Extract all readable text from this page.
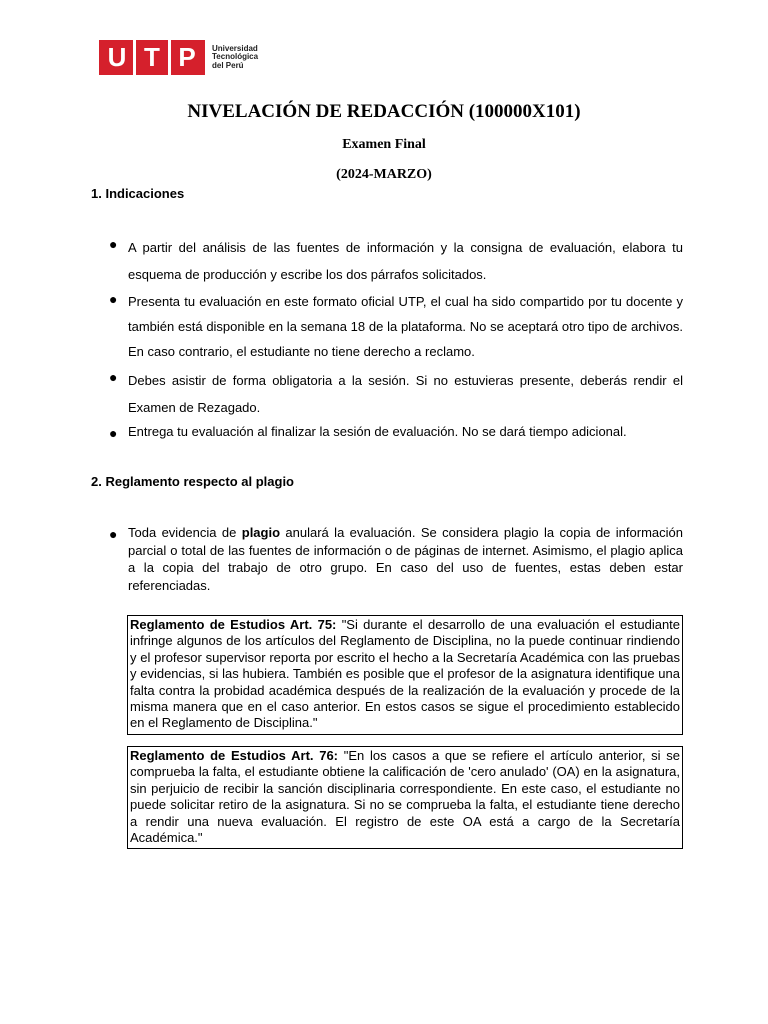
U T P	Universidad
Tecnológica
del Perú
NIVELACIÓN DE REDACCIÓN (100000X101)
Examen Final
(2024-MARZO)
1. Indicaciones
● A partir del análisis de las fuentes de información y la consigna de evaluación, elabora tu esquema de producción y escribe los dos párrafos solicitados.
● Presenta tu evaluación en este formato oficial UTP, el cual ha sido compartido por tu docente y también está disponible en la semana 18 de la plataforma. No se aceptará otro tipo de archivos. En caso contrario, el estudiante no tiene derecho a reclamo.
● Debes asistir de forma obligatoria a la sesión. Si no estuvieras presente, deberás rendir el Examen de Rezagado.
● Entrega tu evaluación al finalizar la sesión de evaluación. No se dará tiempo adicional.
2. Reglamento respecto al plagio
● Toda evidencia de plagio anulará la evaluación. Se considera plagio la copia de información parcial o total de las fuentes de información o de páginas de internet. Asimismo, el plagio aplica a la copia del trabajo de otro grupo. En caso del uso de fuentes, estas deben estar referenciadas.
Reglamento de Estudios Art. 75: "Si durante el desarrollo de una evaluación el estudiante infringe algunos de los artículos del Reglamento de Disciplina, no la puede continuar rindiendo y el profesor supervisor reporta por escrito el hecho a la Secretaría Académica con las pruebas y evidencias, si las hubiera. También es posible que el profesor de la asignatura identifique una falta contra la probidad académica después de la realización de la evaluación y procede de la misma manera que en el caso anterior. En estos casos se sigue el procedimiento establecido en el Reglamento de Disciplina."
Reglamento de Estudios Art. 76: "En los casos a que se refiere el artículo anterior, si se comprueba la falta, el estudiante obtiene la calificación de 'cero anulado' (OA) en la asignatura, sin perjuicio de recibir la sanción disciplinaria correspondiente. En este caso, el estudiante no puede solicitar retiro de la asignatura. Si no se comprueba la falta, el estudiante tiene derecho a rendir una nueva evaluación. El registro de este OA está a cargo de la Secretaría Académica."
